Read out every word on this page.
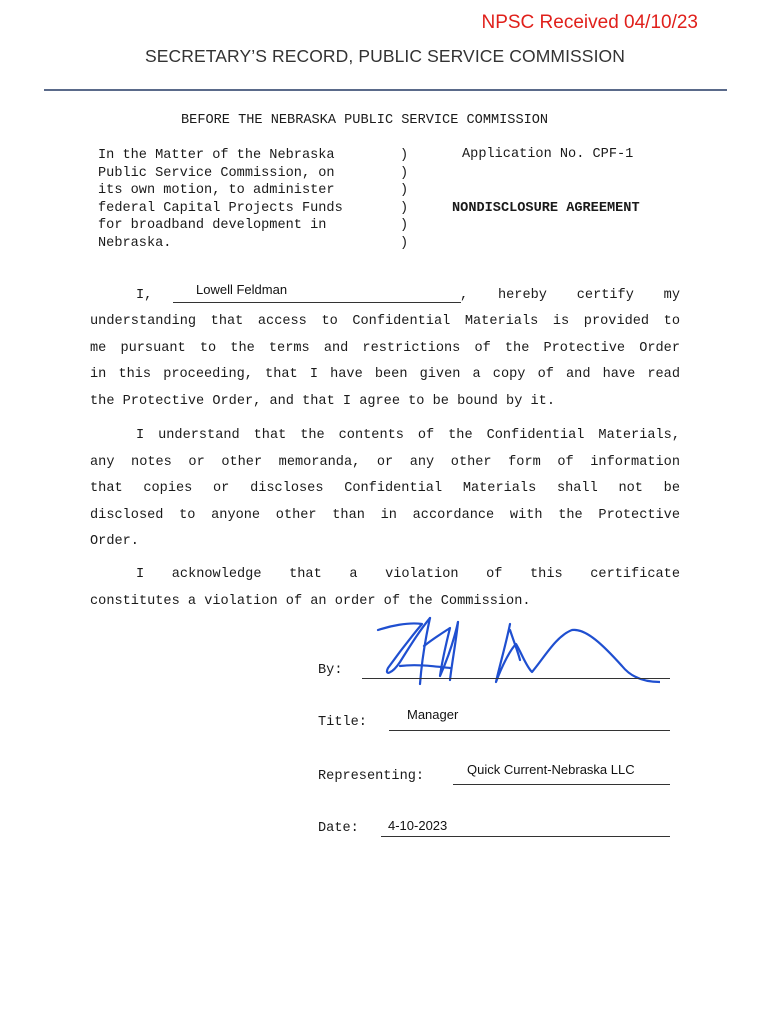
NPSC Received 04/10/23
SECRETARY’S RECORD, PUBLIC SERVICE COMMISSION
BEFORE THE NEBRASKA PUBLIC SERVICE COMMISSION
In the Matter of the Nebraska
Public Service Commission, on
its own motion, to administer
federal Capital Projects Funds
for broadband development in
Nebraska.
)
)
)
)
)
)
Application No. CPF-1
NONDISCLOSURE AGREEMENT
I,	Lowell Feldman	, hereby certify my
understanding that access to Confidential Materials is provided to
me pursuant to the terms and restrictions of the Protective Order
in this proceeding, that I have been given a copy of and have read
the Protective Order, and that I agree to be bound by it.
I understand that the contents of the Confidential Materials,
any notes or other memoranda, or any other form of information
that copies or discloses Confidential Materials shall not be
disclosed to anyone other than in accordance with the Protective
Order.
I acknowledge that a violation of this certificate
constitutes a violation of an order of the Commission.
By:
Title:
Manager
Representing:	Quick Current-Nebraska LLC
Date: 4-10-2023
